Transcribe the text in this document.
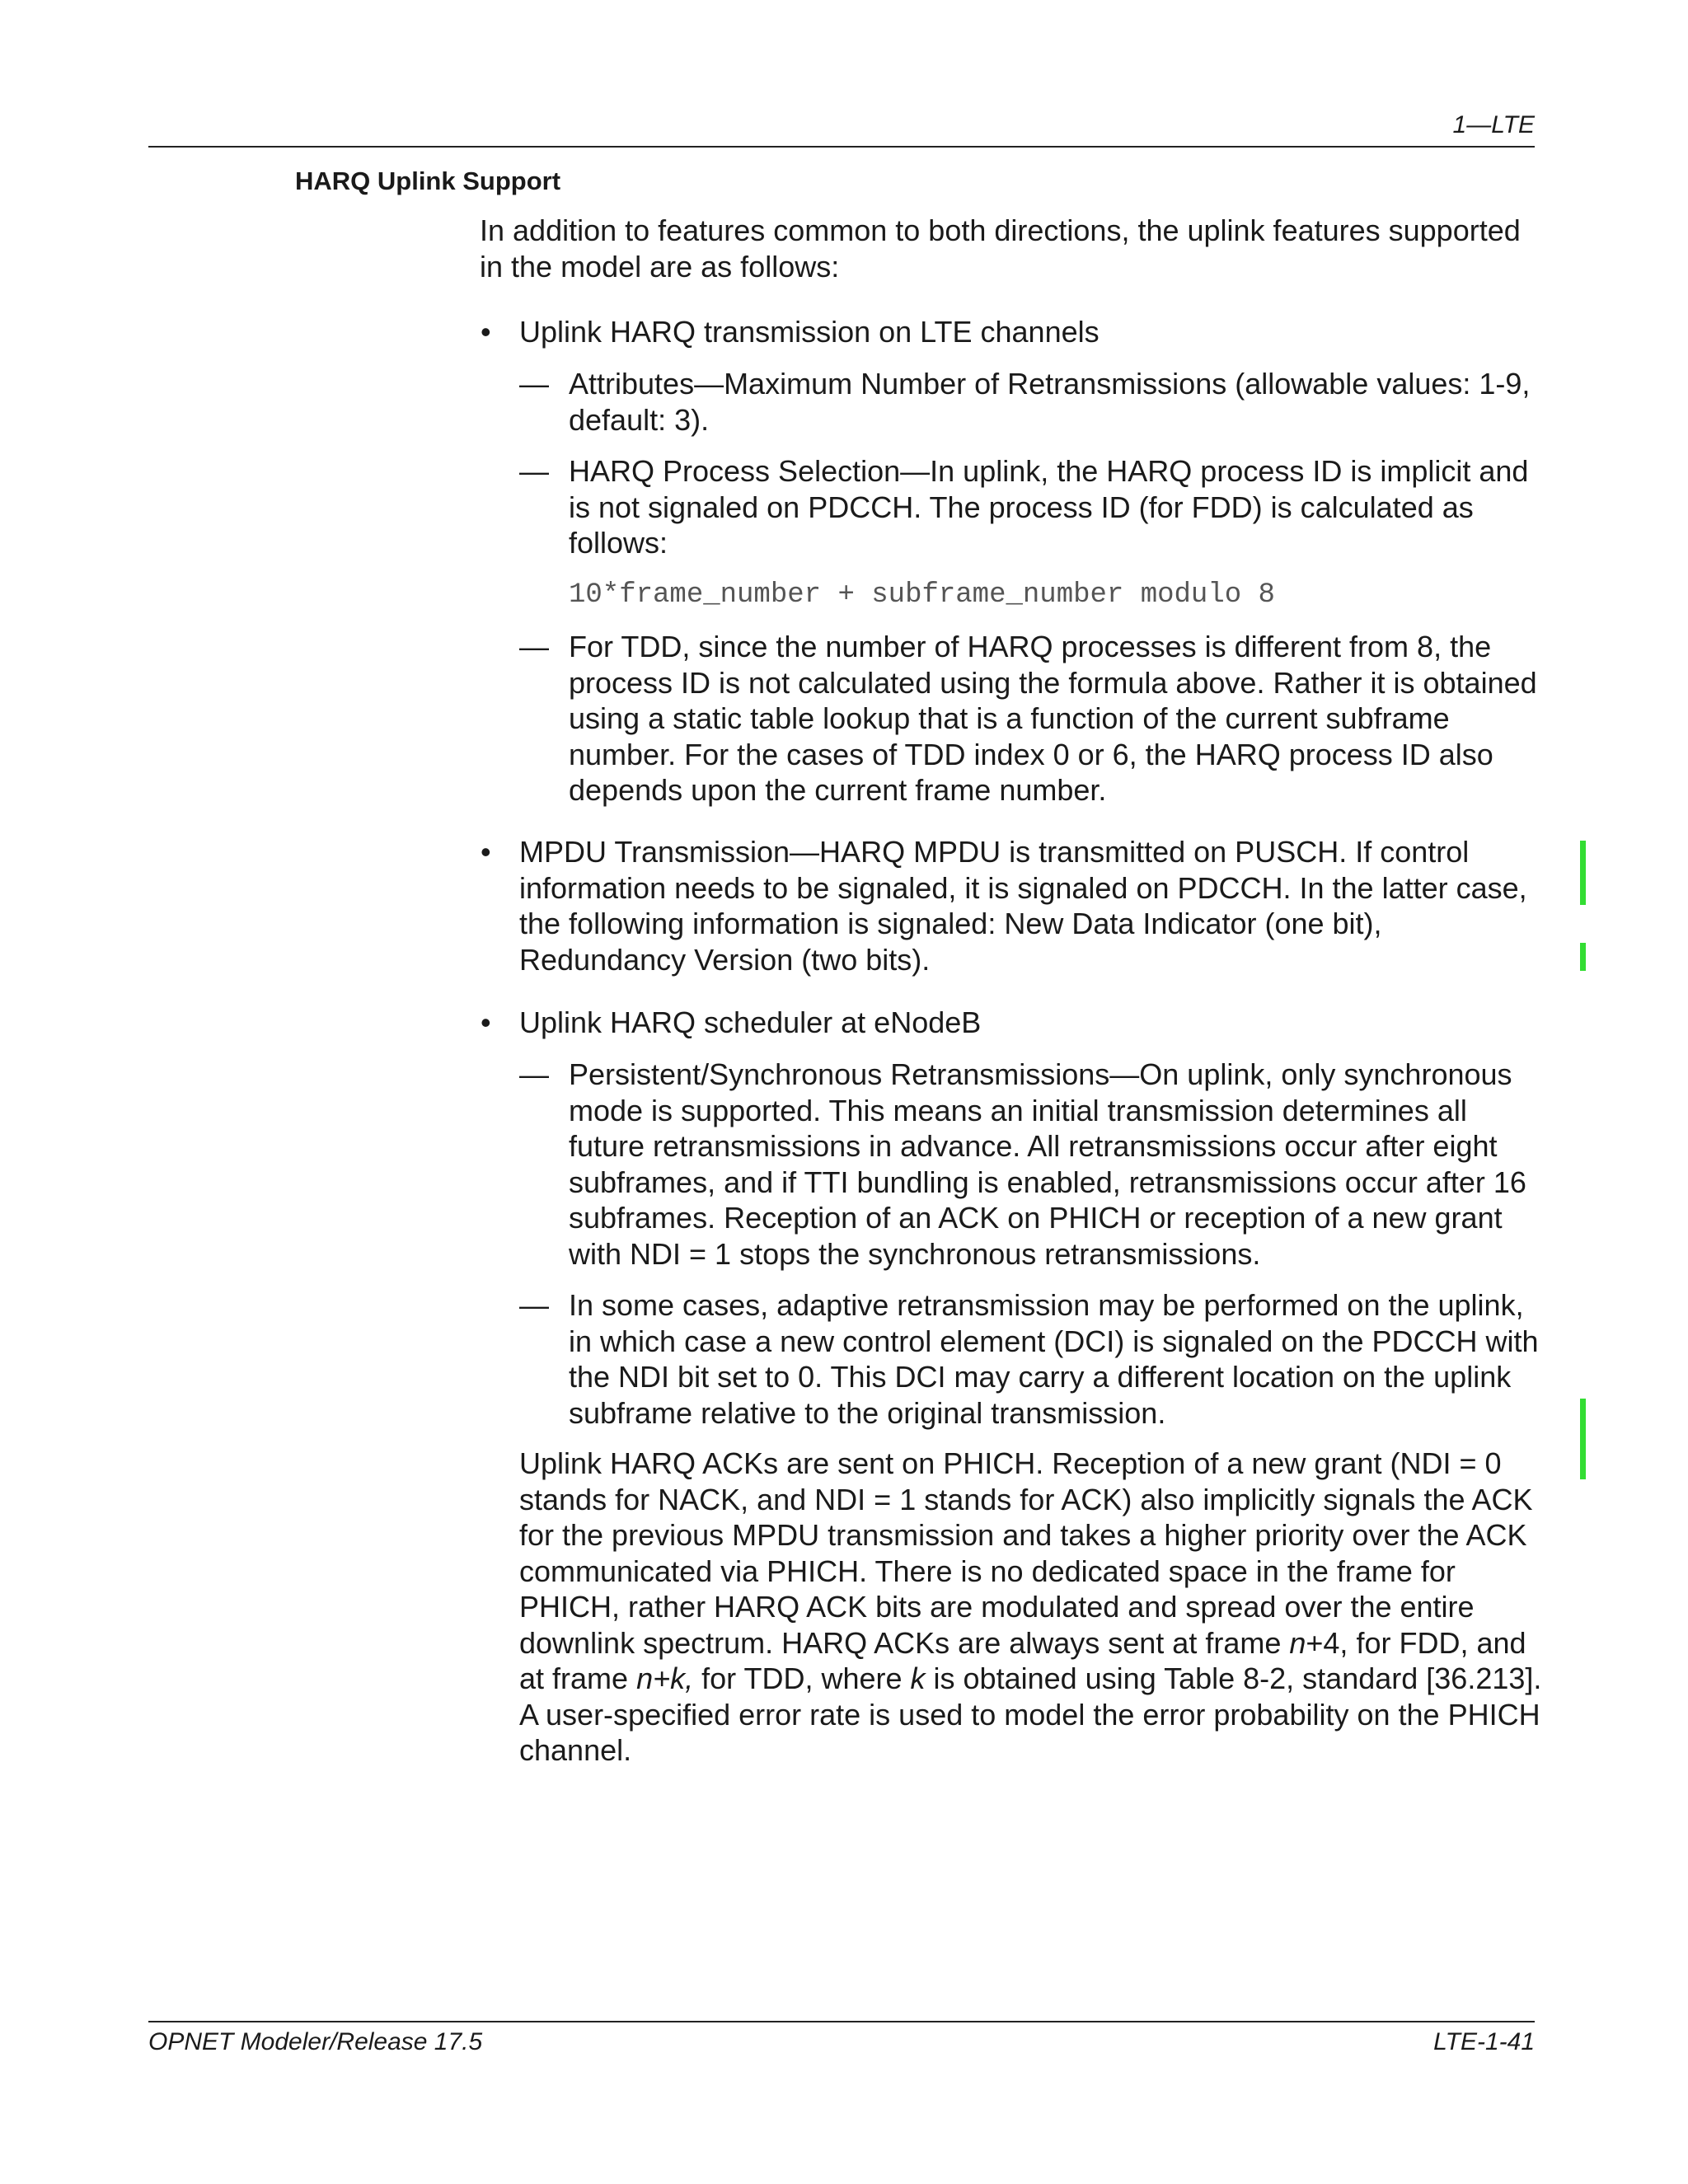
1—LTE
HARQ Uplink Support

In addition to features common to both directions, the uplink features supported in the model are as follows:

• Uplink HARQ transmission on LTE channels

— Attributes—Maximum Number of Retransmissions (allowable values: 1-9, default: 3).

— HARQ Process Selection—In uplink, the HARQ process ID is implicit and is not signaled on PDCCH. The process ID (for FDD) is calculated as follows:

10*frame_number + subframe_number modulo 8
— For TDD, since the number of HARQ processes is different from 8, the process ID is not calculated using the formula above. Rather it is obtained using a static table lookup that is a function of the current subframe number. For the cases of TDD index 0 or 6, the HARQ process ID also depends upon the current frame number.

• MPDU Transmission—HARQ MPDU is transmitted on PUSCH. If control information needs to be signaled, it is signaled on PDCCH. In the latter case, the following information is signaled: New Data Indicator (one bit), Redundancy Version (two bits).

• Uplink HARQ scheduler at eNodeB

— Persistent/Synchronous Retransmissions—On uplink, only synchronous mode is supported. This means an initial transmission determines all future retransmissions in advance. All retransmissions occur after eight subframes, and if TTI bundling is enabled, retransmissions occur after 16 subframes. Reception of an ACK on PHICH or reception of a new grant with NDI = 1 stops the synchronous retransmissions.

— In some cases, adaptive retransmission may be performed on the uplink, in which case a new control element (DCI) is signaled on the PDCCH with the NDI bit set to 0. This DCI may carry a different location on the uplink subframe relative to the original transmission.

Uplink HARQ ACKs are sent on PHICH. Reception of a new grant (NDI = 0 stands for NACK, and NDI = 1 stands for ACK) also implicitly signals the ACK for the previous MPDU transmission and takes a higher priority over the ACK communicated via PHICH. There is no dedicated space in the frame for PHICH, rather HARQ ACK bits are modulated and spread over the entire downlink spectrum. HARQ ACKs are always sent at frame n+4, for FDD, and at frame n+k, for TDD, where k is obtained using Table 8-2, standard [36.213]. A user-specified error rate is used to model the error probability on the PHICH channel.

OPNET Modeler/Release 17.5	LTE-1-41
